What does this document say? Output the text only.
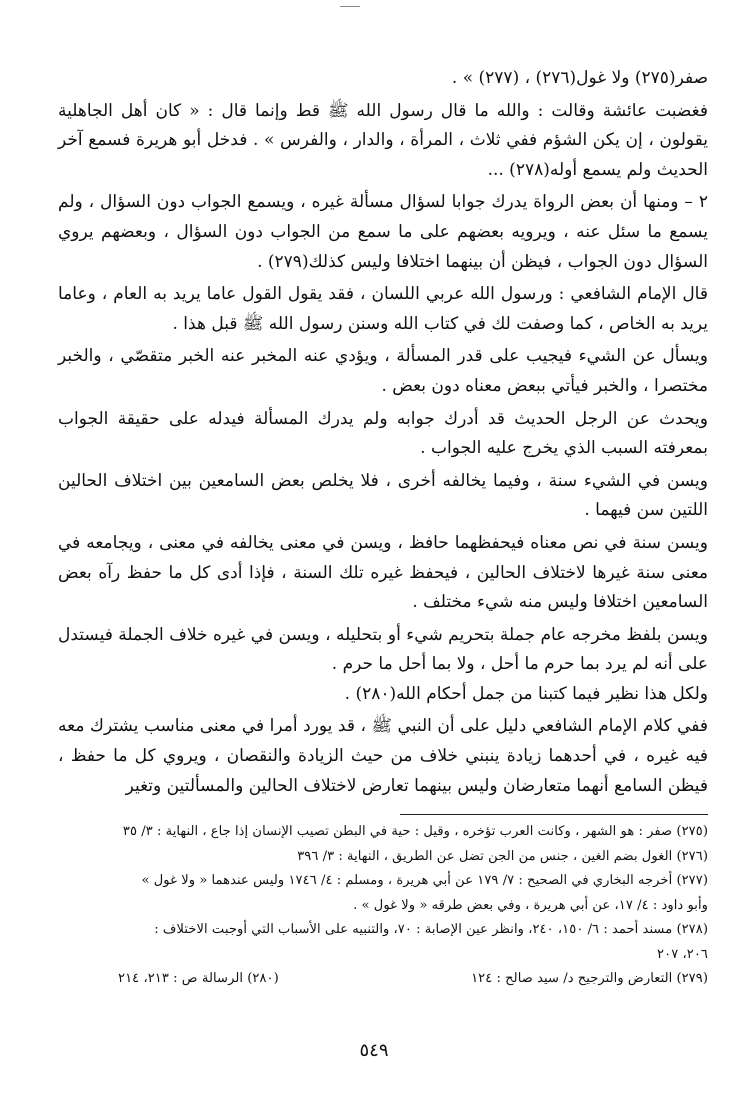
صفر(٢٧٥) ولا غول(٢٧٦) ، (٢٧٧) » .

فغضبت عائشة وقالت : والله ما قال رسول الله ﷺ قط وإنما قال : « كان أهل الجاهلية يقولون ، إن يكن الشؤم ففي ثلاث ، المرأة ، والدار ، والفرس » . فدخل أبو هريرة فسمع آخر الحديث ولم يسمع أوله(٢٧٨) ...

٢ – ومنها أن بعض الرواة يدرك جوابا لسؤال مسألة غيره ، ويسمع الجواب دون السؤال ، ولم يسمع ما سئل عنه ، ويرويه بعضهم على ما سمع من الجواب دون السؤال ، وبعضهم يروي السؤال دون الجواب ، فيظن أن بينهما اختلافا وليس كذلك(٢٧٩) .

قال الإمام الشافعي : ورسول الله عربي اللسان ، فقد يقول القول عاما يريد به العام ، وعاما يريد به الخاص ، كما وصفت لك في كتاب الله وسنن رسول الله ﷺ قبل هذا .

ويسأل عن الشيء فيجيب على قدر المسألة ، ويؤدي عنه المخبر عنه الخبر متقصّي ، والخبر مختصرا ، والخبر فيأتي ببعض معناه دون بعض .

ويحدث عن الرجل الحديث قد أدرك جوابه ولم يدرك المسألة فيدله على حقيقة الجواب بمعرفته السبب الذي يخرج عليه الجواب .

ويسن في الشيء سنة ، وفيما يخالفه أخرى ، فلا يخلص بعض السامعين بين اختلاف الحالين اللتين سن فيهما .

ويسن سنة في نص معناه فيحفظهما حافظ ، ويسن في معنى يخالفه في معنى ، ويجامعه في معنى سنة غيرها لاختلاف الحالين ، فيحفظ غيره تلك السنة ، فإذا أدى كل ما حفظ رآه بعض السامعين اختلافا وليس منه شيء مختلف .

ويسن بلفظ مخرجه عام جملة بتحريم شيء أو بتحليله ، ويسن في غيره خلاف الجملة فيستدل على أنه لم يرد بما حرم ما أحل ، ولا بما أحل ما حرم .

ولكل هذا نظير فيما كتبنا من جمل أحكام الله(٢٨٠) .

ففي كلام الإمام الشافعي دليل على أن النبي ﷺ ، قد يورد أمرا في معنى مناسب يشترك معه فيه غيره ، في أحدهما زيادة ينبني خلاف من حيث الزيادة والنقصان ، ويروي كل ما حفظ ، فيظن السامع أنهما متعارضان وليس بينهما تعارض لاختلاف الحالين والمسألتين وتغير

(٢٧٥) صفر : هو الشهر ، وكانت العرب تؤخره ، وقيل : حية في البطن تصيب الإنسان إذا جاع ، النهاية : ٣/ ٣٥

(٢٧٦) الغول بضم الغين ، جنس من الجن تضل عن الطريق ، النهاية : ٣/ ٣٩٦

(٢٧٧) أخرجه البخاري في الصحيح : ٧/ ١٧٩ عن أبي هريرة ، ومسلم : ٤/ ١٧٤٦ وليس عندهما « ولا غول »

وأبو داود : ٤/ ١٧، عن أبي هريرة ، وفي بعض طرقه « ولا غول » .

(٢٧٨) مسند أحمد : ٦/ ١٥٠، ٢٤٠، وانظر عين الإصابة : ٧٠، والتنبيه على الأسباب التي أوجبت الاختلاف :

٢٠٦، ٢٠٧

(٢٧٩) التعارض والترجيح د/ سيد صالح : ١٢٤
(٢٨٠) الرسالة ص : ٢١٣، ٢١٤
٥٤٩
